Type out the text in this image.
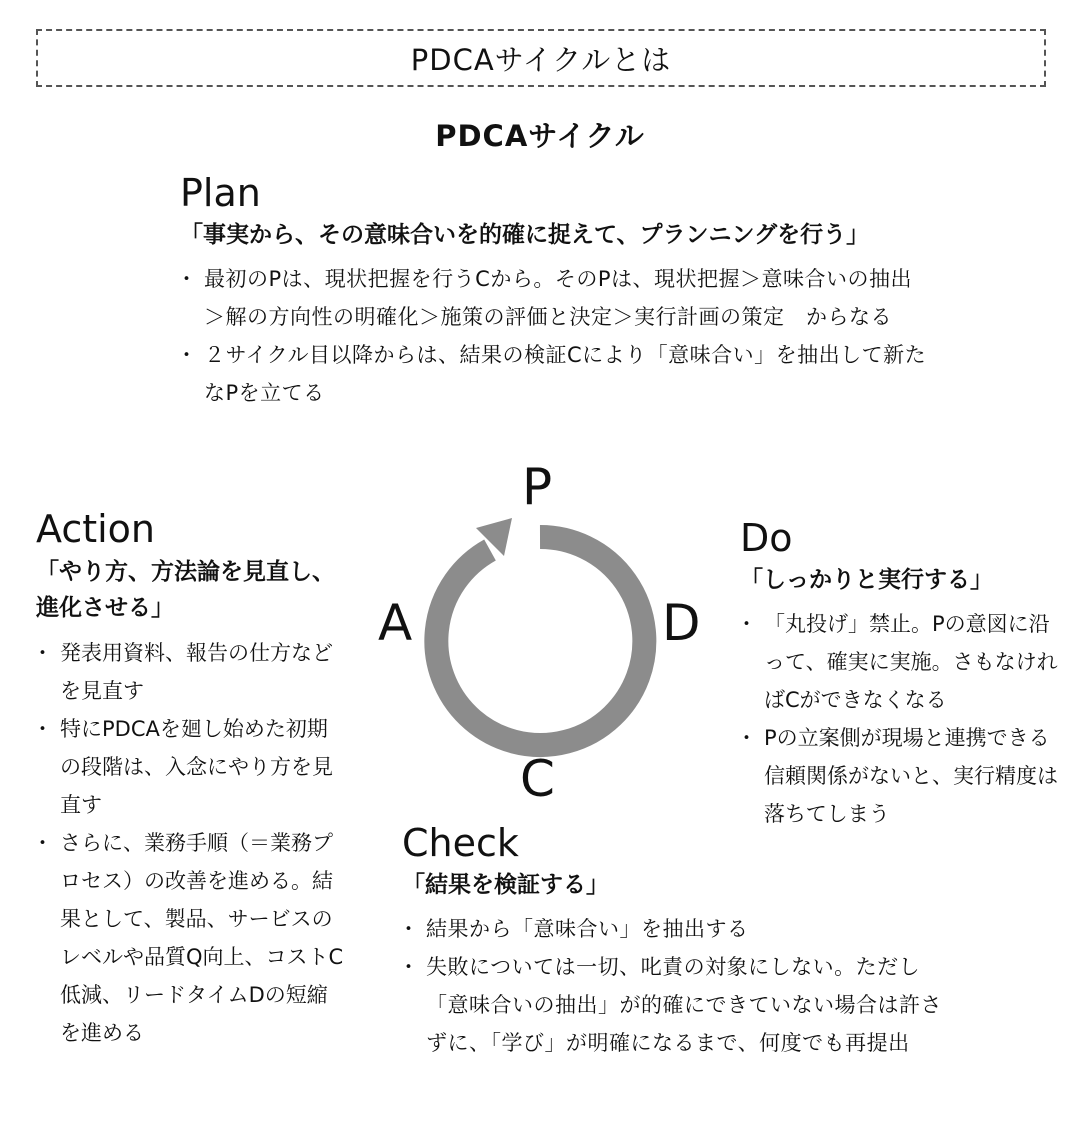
PDCAサイクルとは
PDCAサイクル
Plan
「事実から、その意味合いを的確に捉えて、プランニングを行う」
・ 最初のPは、現状把握を行うCから。そのPは、現状把握＞意味合いの抽出＞解の方向性の明確化＞施策の評価と決定＞実行計画の策定　からなる
・ ２サイクル目以降からは、結果の検証Cにより「意味合い」を抽出して新たなPを立てる
Action
「やり方、方法論を見直し、進化させる」
・ 発表用資料、報告の仕方などを見直す
・ 特にPDCAを廻し始めた初期の段階は、入念にやり方を見直す
・ さらに、業務手順（＝業務プロセス）の改善を進める。結果として、製品、サービスのレベルや品質Q向上、コストC低減、リードタイムDの短縮を進める
Do
「しっかりと実行する」
・ 「丸投げ」禁止。Pの意図に沿って、確実に実施。さもなければCができなくなる
・ Pの立案側が現場と連携できる信頼関係がないと、実行精度は落ちてしまう
Check
「結果を検証する」
・ 結果から「意味合い」を抽出する
・ 失敗については一切、叱責の対象にしない。ただし「意味合いの抽出」が的確にできていない場合は許さずに、「学び」が明確になるまで、何度でも再提出
P
D
C
A
